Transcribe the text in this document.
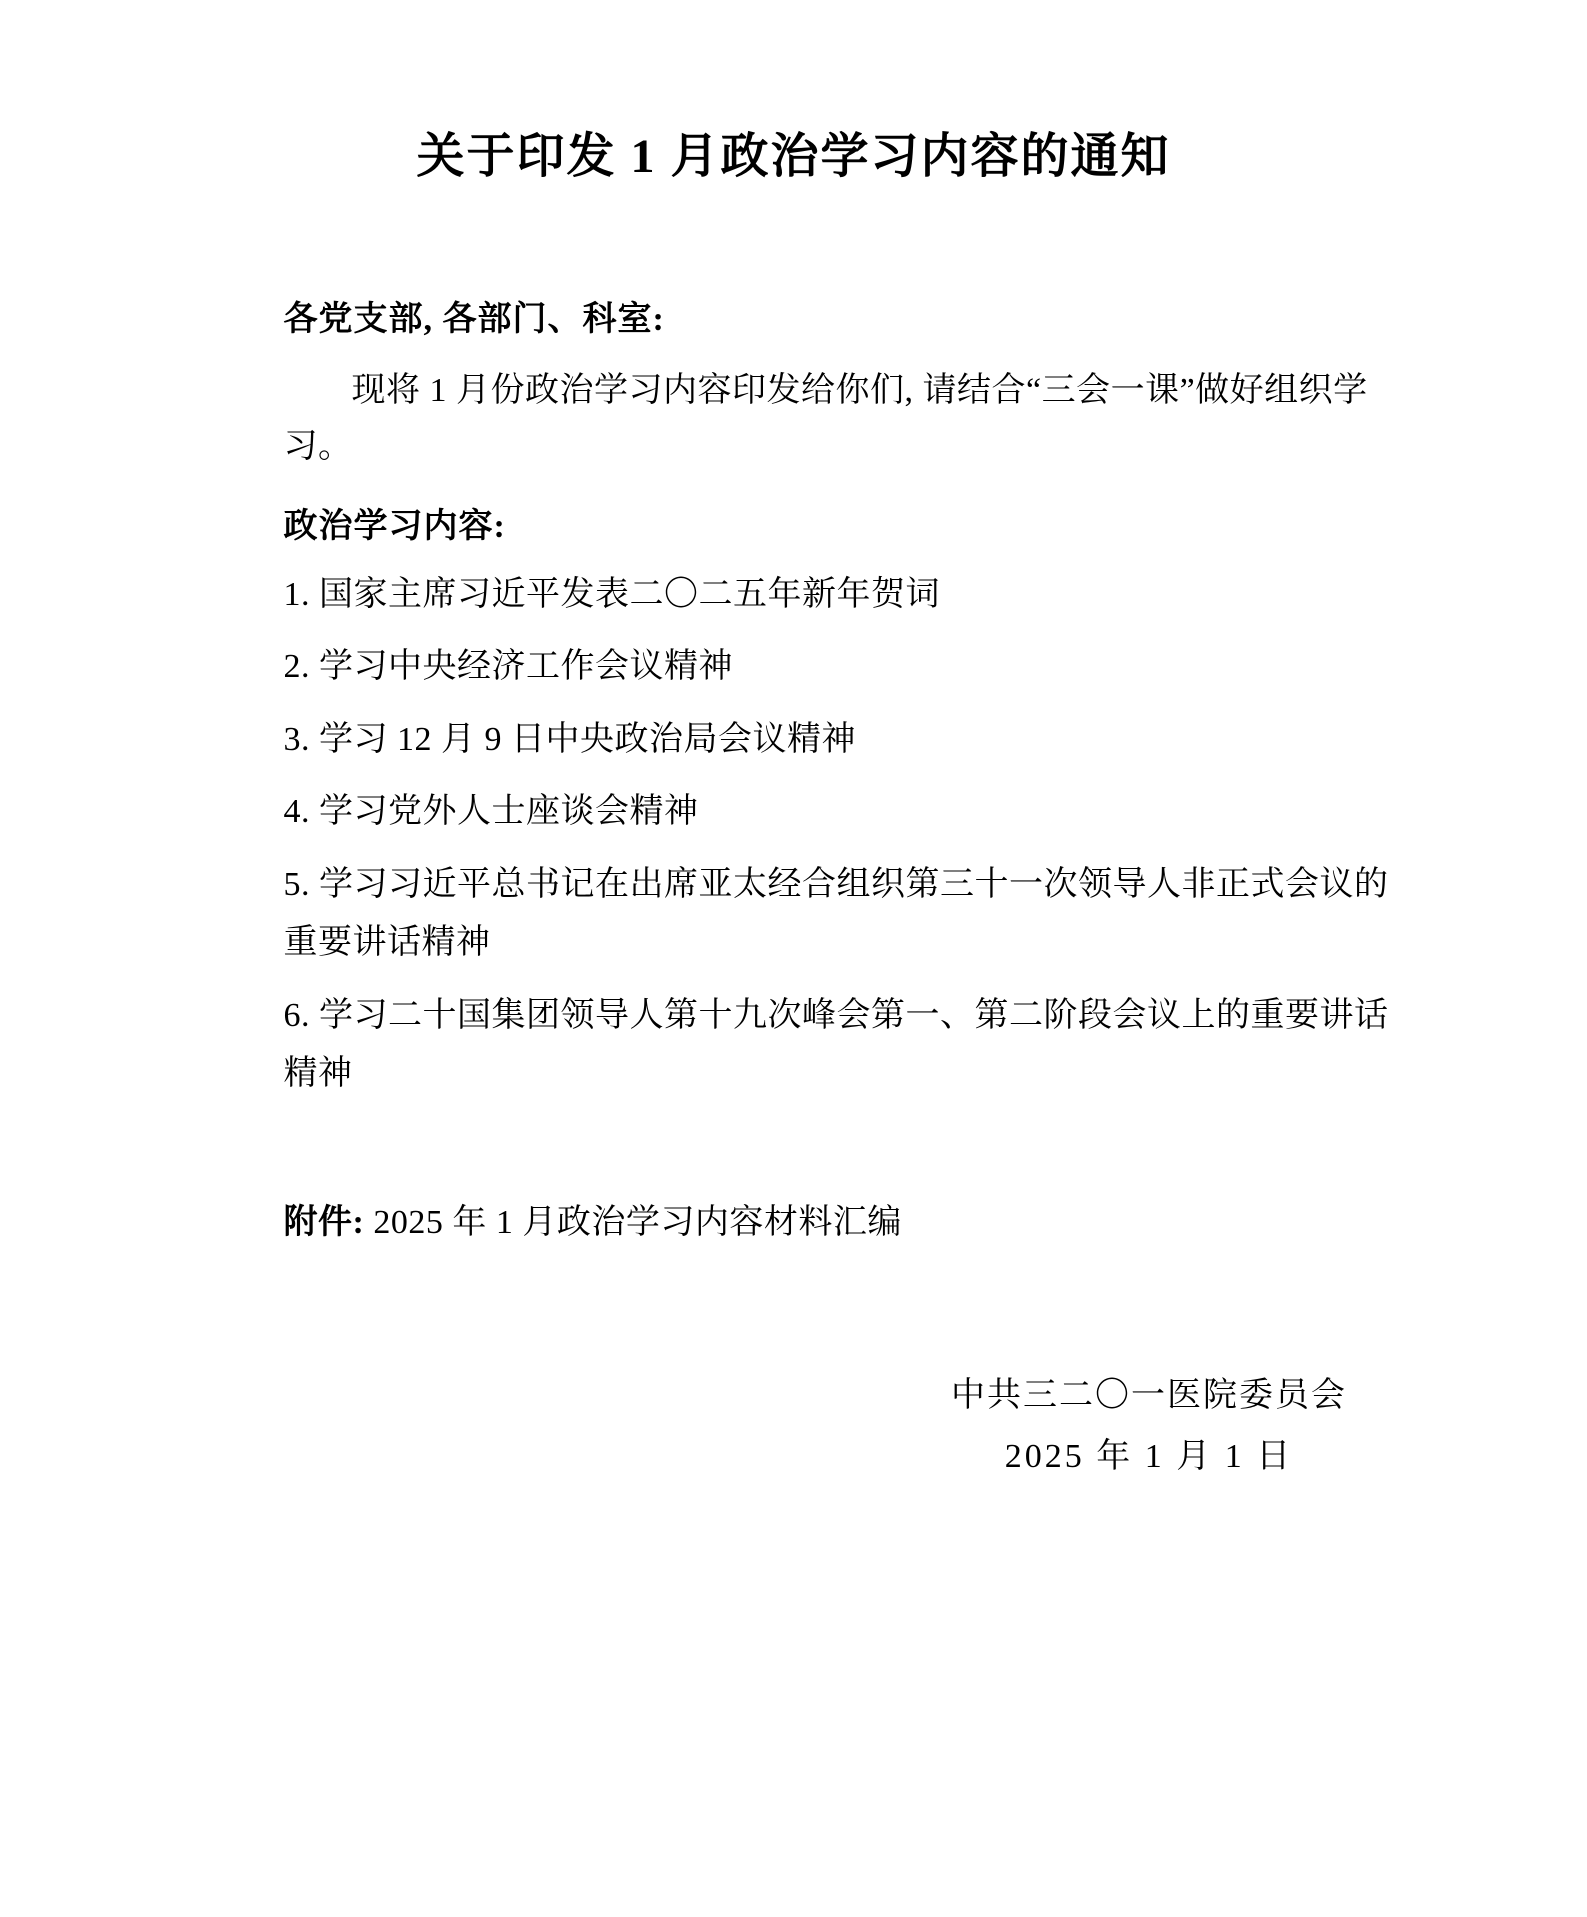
关于印发 1 月政治学习内容的通知
各党支部, 各部门、科室:
现将 1 月份政治学习内容印发给你们, 请结合“三会一课”做好组织学习。
政治学习内容:
1. 国家主席习近平发表二〇二五年新年贺词
2. 学习中央经济工作会议精神
3. 学习 12 月 9 日中央政治局会议精神
4. 学习党外人士座谈会精神
5. 学习习近平总书记在出席亚太经合组织第三十一次领导人非正式会议的重要讲话精神
6. 学习二十国集团领导人第十九次峰会第一、第二阶段会议上的重要讲话精神
附件: 2025 年 1 月政治学习内容材料汇编
中共三二〇一医院委员会
2025 年 1 月 1 日
